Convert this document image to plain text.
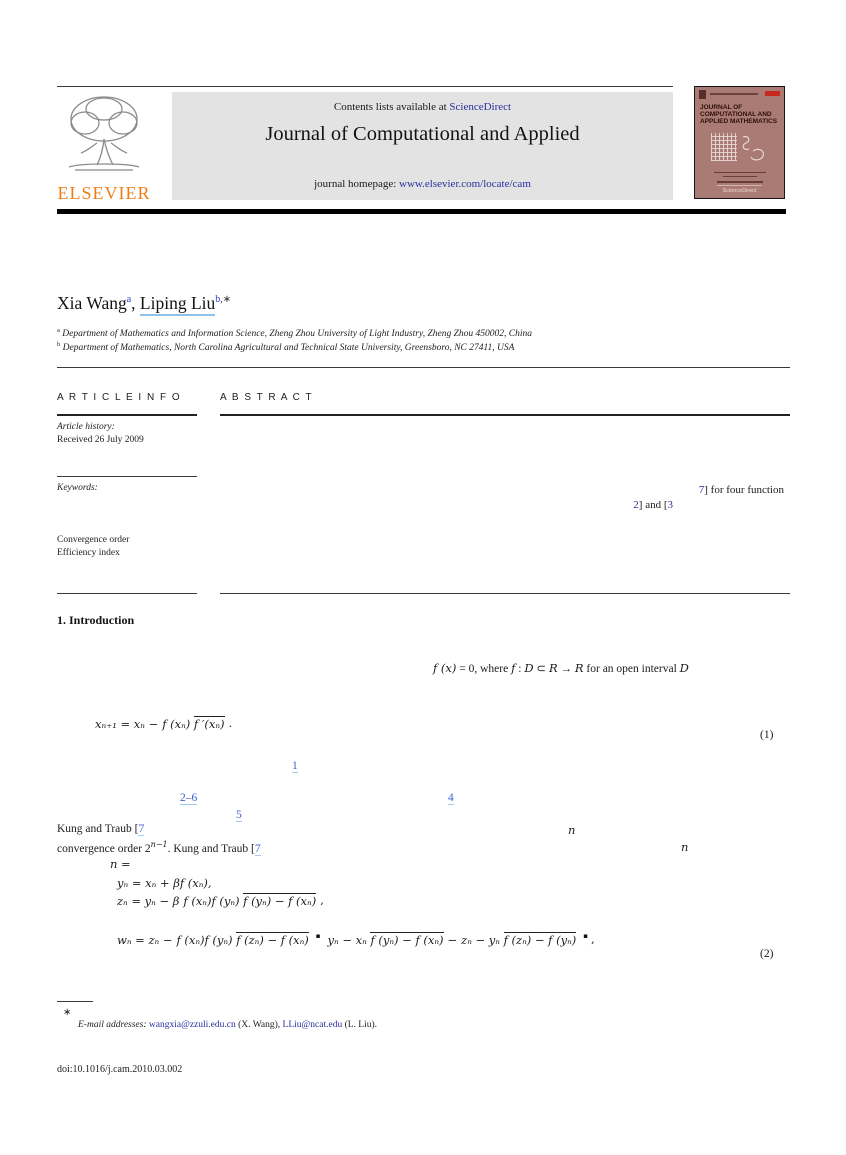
ELSEVIER
Contents lists available at ScienceDirect
Journal of Computational and Applied
journal homepage: www.elsevier.com/locate/cam
JOURNAL OF COMPUTATIONAL AND APPLIED MATHEMATICS
ScienceDirect
Xia Wang$^a$, Liping Liu$^{b,∗}$
$^a$ Department of Mathematics and Information Science, Zheng Zhou University of Light Industry, Zheng Zhou 450002, China
$^b$ Department of Mathematics, North Carolina Agricultural and Technical State University, Greensboro, NC 27411, USA
A R T I C L E I N F O	A B S T R A C T
Article history:
Received 26 July 2009
Keywords:
Convergence order
Efficiency index
7] for four function
2] and [3
1. Introduction
f (x) = 0, where f : D ⊂ R → R for an open interval D
xₙ₊₁ = xₙ − f (xₙ) f ′(xₙ) .
(1)
1
2–6	4
5
Kung and Traub [7	n
convergence order $2^{n-1}$. Kung and Traub [7	n
n =
yₙ = xₙ + βf (xₙ),
zₙ = yₙ − β f (xₙ)f (yₙ) f (yₙ) − f (xₙ) ,
wₙ = zₙ − f (xₙ)f (yₙ) f (zₙ) − f (xₙ) ▪ yₙ − xₙ f (yₙ) − f (xₙ) − zₙ − yₙ f (zₙ) − f (yₙ) ▪ ,
(2)
∗
E-mail addresses: wangxia@zzuli.edu.cn (X. Wang), LLiu@ncat.edu (L. Liu).
doi:10.1016/j.cam.2010.03.002
